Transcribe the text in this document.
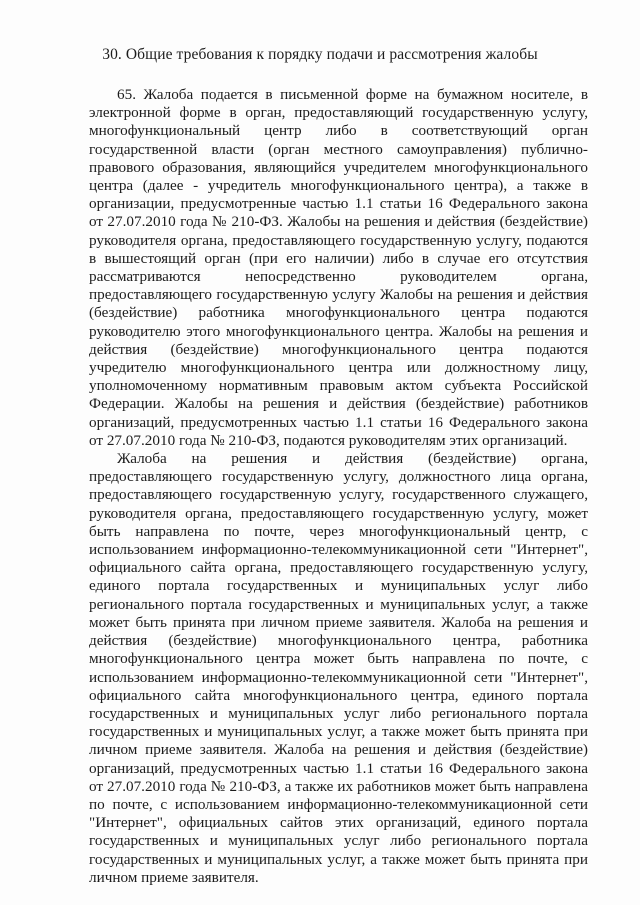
30. Общие требования к порядку подачи и рассмотрения жалобы

65. Жалоба подается в письменной форме на бумажном носителе, в электронной форме в орган, предоставляющий государственную услугу, многофункциональный центр либо в соответствующий орган государственной власти (орган местного самоуправления) публично-правового образования, являющийся учредителем многофункционального центра (далее - учредитель многофункционального центра), а также в организации, предусмотренные частью 1.1 статьи 16 Федерального закона от 27.07.2010 года № 210-ФЗ. Жалобы на решения и действия (бездействие) руководителя органа, предоставляющего государственную услугу, подаются в вышестоящий орган (при его наличии) либо в случае его отсутствия рассматриваются непосредственно руководителем органа, предоставляющего государственную услугу Жалобы на решения и действия (бездействие) работника многофункционального центра подаются руководителю этого многофункционального центра. Жалобы на решения и действия (бездействие) многофункционального центра подаются учредителю многофункционального центра или должностному лицу, уполномоченному нормативным правовым актом субъекта Российской Федерации. Жалобы на решения и действия (бездействие) работников организаций, предусмотренных частью 1.1 статьи 16 Федерального закона от 27.07.2010 года № 210-ФЗ, подаются руководителям этих организаций.

Жалоба на решения и действия (бездействие) органа, предоставляющего государственную услугу, должностного лица органа, предоставляющего государственную услугу, государственного служащего, руководителя органа, предоставляющего государственную услугу, может быть направлена по почте, через многофункциональный центр, с использованием информационно-телекоммуникационной сети "Интернет", официального сайта органа, предоставляющего государственную услугу, единого портала государственных и муниципальных услуг либо регионального портала государственных и муниципальных услуг, а также может быть принята при личном приеме заявителя. Жалоба на решения и действия (бездействие) многофункционального центра, работника многофункционального центра может быть направлена по почте, с использованием информационно-телекоммуникационной сети "Интернет", официального сайта многофункционального центра, единого портала государственных и муниципальных услуг либо регионального портала государственных и муниципальных услуг, а также может быть принята при личном приеме заявителя. Жалоба на решения и действия (бездействие) организаций, предусмотренных частью 1.1 статьи 16 Федерального закона от 27.07.2010 года № 210-ФЗ, а также их работников может быть направлена по почте, с использованием информационно-телекоммуникационной сети "Интернет", официальных сайтов этих организаций, единого портала государственных и муниципальных услуг либо регионального портала государственных и муниципальных услуг, а также может быть принята при личном приеме заявителя.
